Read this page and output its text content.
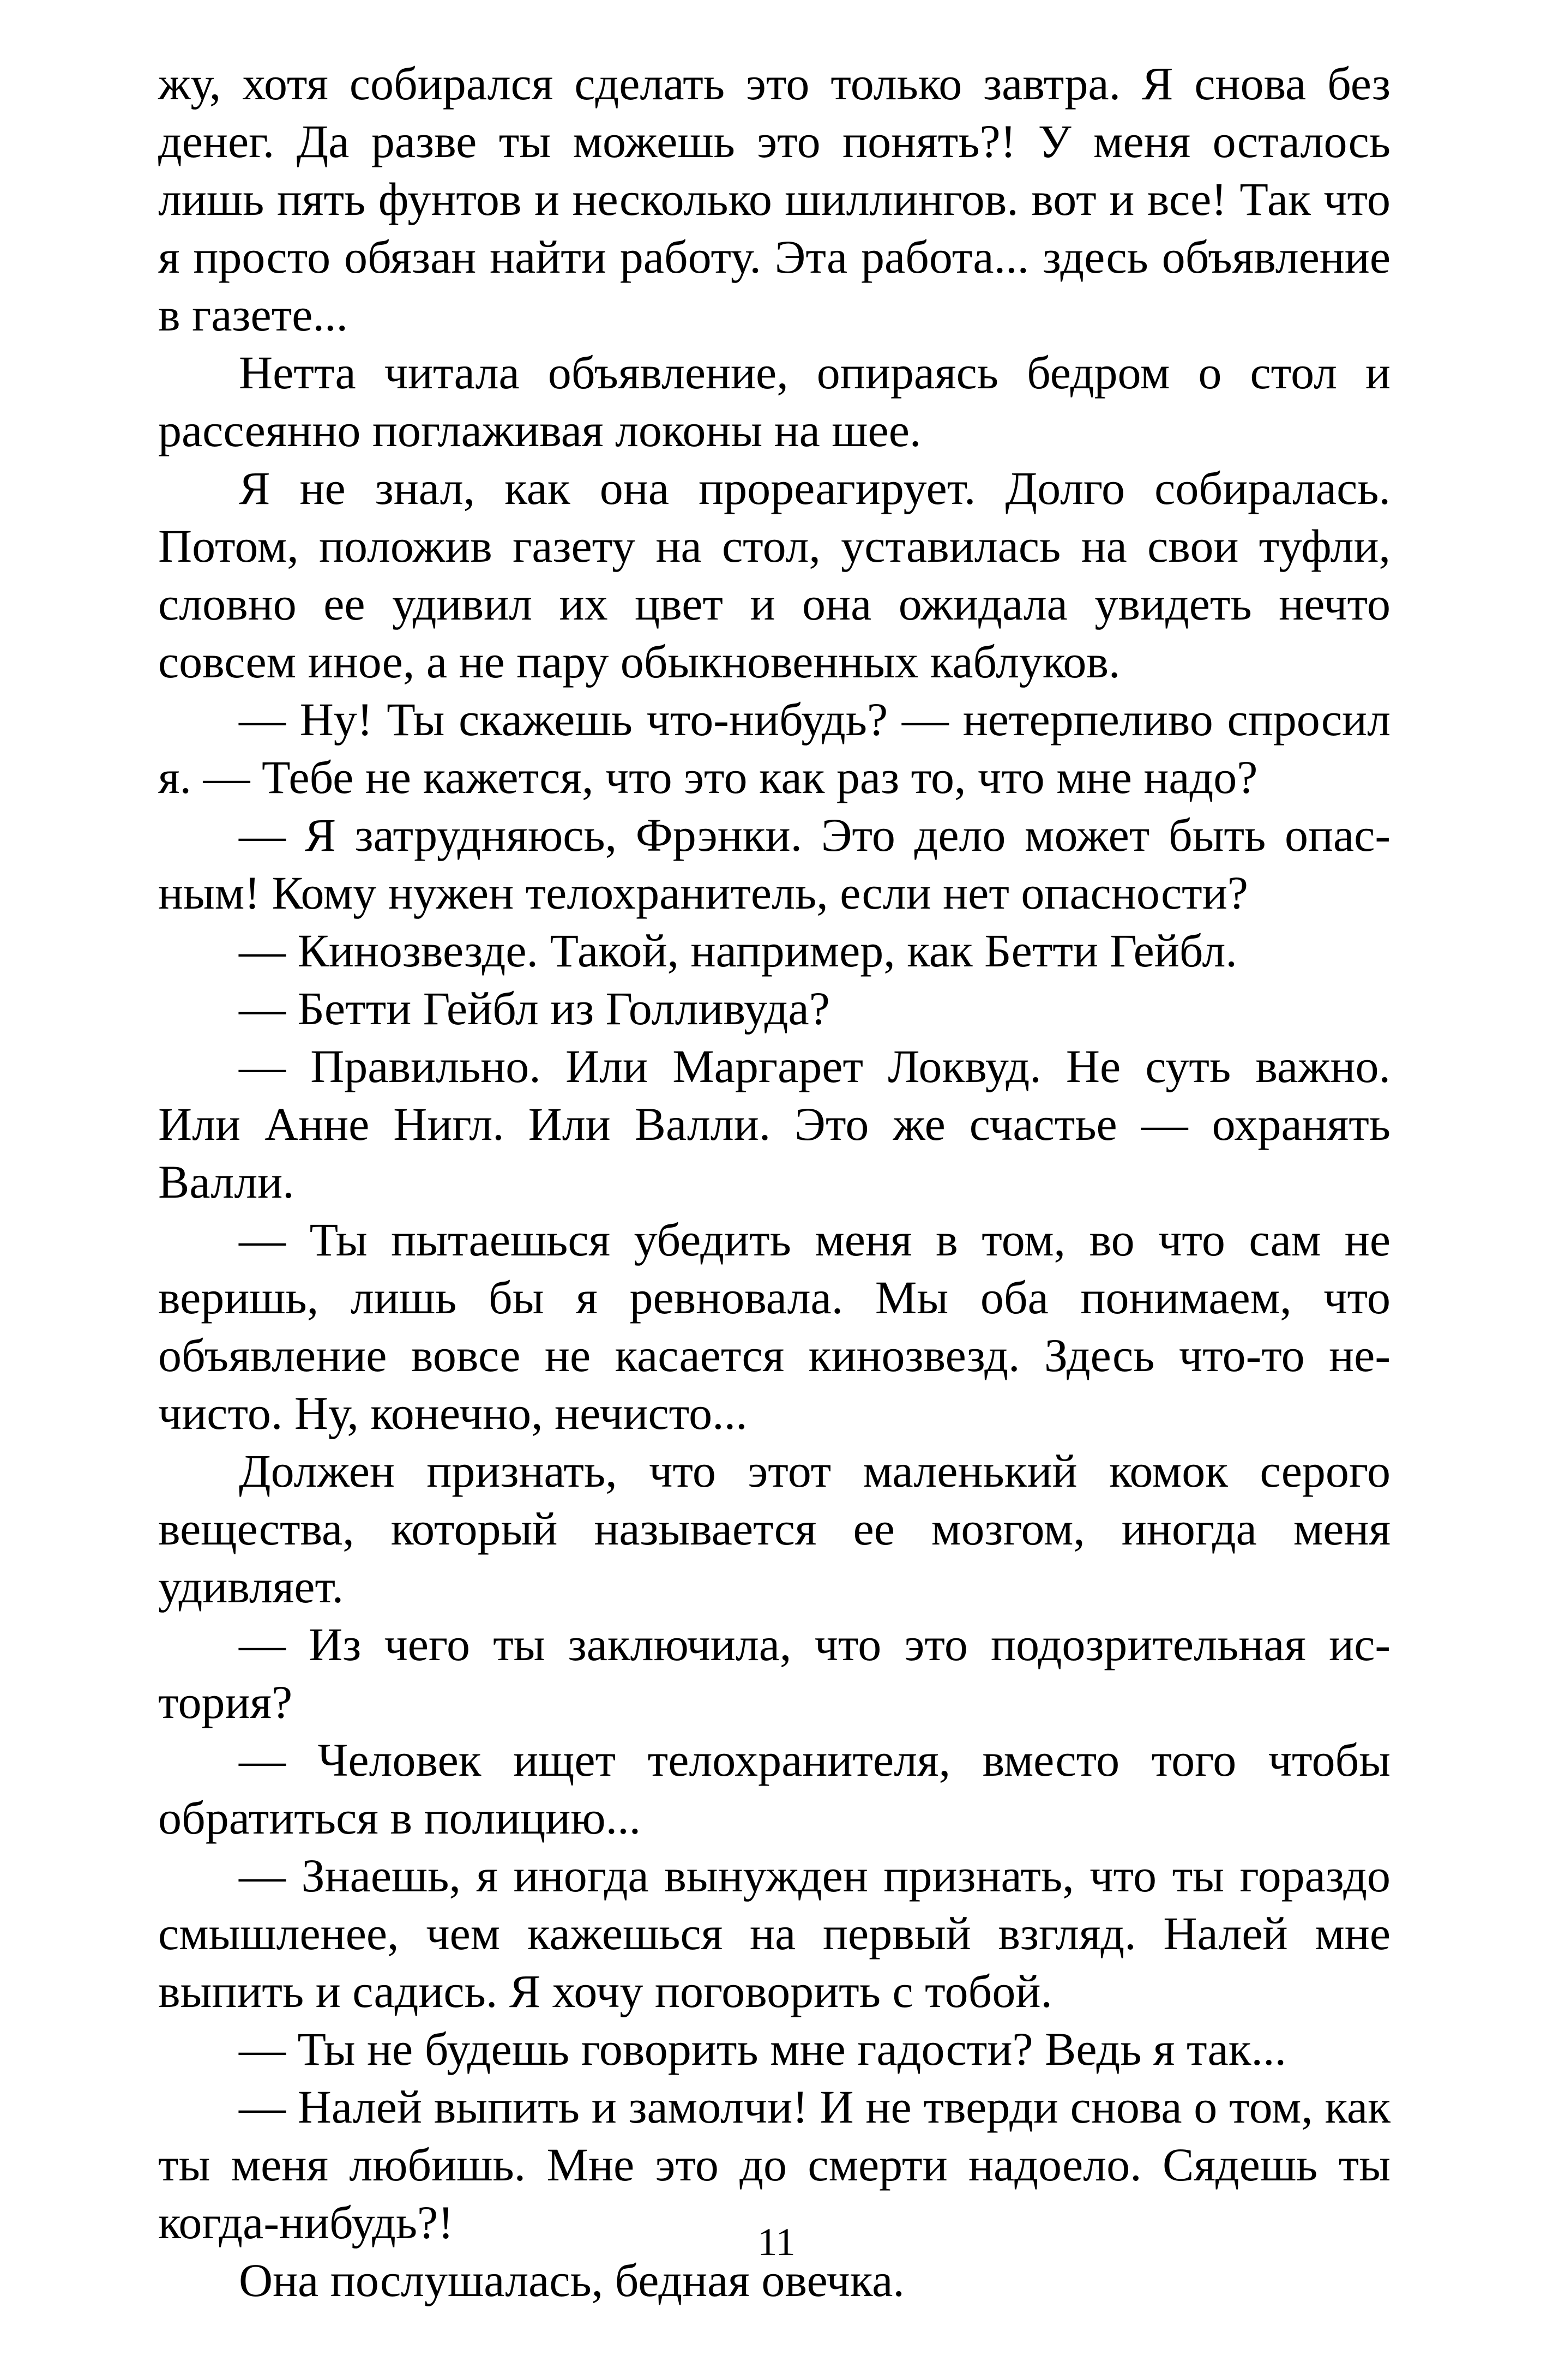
жу, хотя собирался сделать это только завтра. Я снова без денег. Да разве ты можешь это понять?! У меня осталось лишь пять фунтов и несколько шиллингов. вот и все! Так что я просто обязан найти работу. Эта работа... здесь объявление в газете...

Нетта читала объявление, опираясь бедром о стол и рассеянно поглаживая локоны на шее.

Я не знал, как она прореагирует. Долго собиралась. Потом, положив газету на стол, уставилась на свои туфли, словно ее удивил их цвет и она ожидала увидеть нечто совсем иное, а не пару обыкновенных каблуков.

— Ну! Ты скажешь что-нибудь? — нетерпеливо спросил я. — Тебе не кажется, что это как раз то, что мне надо?

— Я затрудняюсь, Фрэнки. Это дело может быть опасным! Кому нужен телохранитель, если нет опасности?

— Кинозвезде. Такой, например, как Бетти Гейбл.

— Бетти Гейбл из Голливуда?

— Правильно. Или Маргарет Локвуд. Не суть важно. Или Анне Нигл. Или Валли. Это же счастье — охранять Валли.

— Ты пытаешься убедить меня в том, во что сам не веришь, лишь бы я ревновала. Мы оба понимаем, что объявление вовсе не касается кинозвезд. Здесь что-то нечисто. Ну, конечно, нечисто...

Должен признать, что этот маленький комок серого вещества, который называется ее мозгом, иногда меня удивляет.

— Из чего ты заключила, что это подозрительная история?

— Человек ищет телохранителя, вместо того чтобы обратиться в полицию...

— Знаешь, я иногда вынужден признать, что ты гораздо смышленее, чем кажешься на первый взгляд. Налей мне выпить и садись. Я хочу поговорить с тобой.

— Ты не будешь говорить мне гадости? Ведь я так...

— Налей выпить и замолчи! И не тверди снова о том, как ты меня любишь. Мне это до смерти надоело. Сядешь ты когда-нибудь?!

Она послушалась, бедная овечка.

11
